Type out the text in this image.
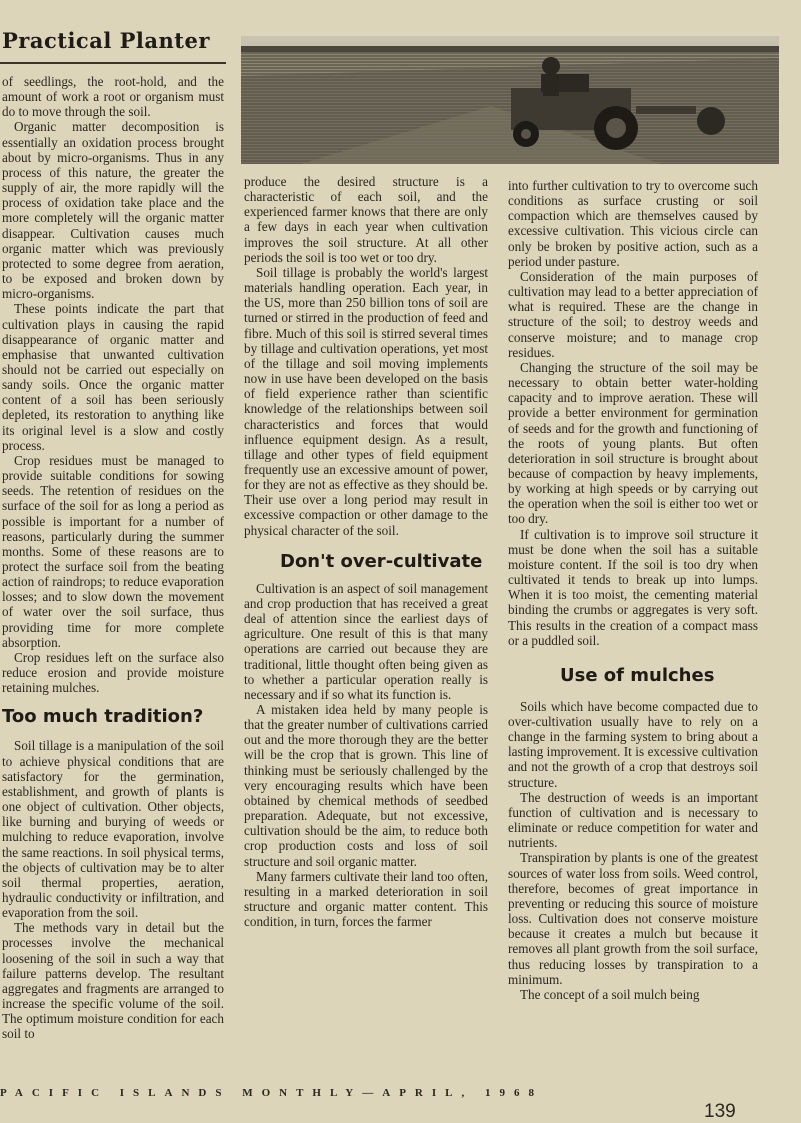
Practical Planter

of seedlings, the root-hold, and the amount of work a root or organism must do to move through the soil.

Organic matter decomposition is essentially an oxidation process brought about by micro-organisms. Thus in any process of this nature, the greater the supply of air, the more rapidly will the process of oxidation take place and the more completely will the organic matter disappear. Cultivation causes much organic matter which was previously protected to some degree from aeration, to be exposed and broken down by micro-organisms.

These points indicate the part that cultivation plays in causing the rapid disappearance of organic matter and emphasise that unwanted cultivation should not be carried out especially on sandy soils. Once the organic matter content of a soil has been seriously depleted, its restoration to anything like its original level is a slow and costly process.

Crop residues must be managed to provide suitable conditions for sowing seeds. The retention of residues on the surface of the soil for as long a period as possible is important for a number of reasons, particularly during the summer months. Some of these reasons are to protect the surface soil from the beating action of raindrops; to reduce evaporation losses; and to slow down the movement of water over the soil surface, thus providing time for more complete absorption.

Crop residues left on the surface also reduce erosion and provide moisture retaining mulches.

Too much tradition?

Soil tillage is a manipulation of the soil to achieve physical conditions that are satisfactory for the germination, establishment, and growth of plants is one object of cultivation. Other objects, like burning and burying of weeds or mulching to reduce evaporation, involve the same reactions. In soil physical terms, the objects of cultivation may be to alter soil thermal properties, aeration, hydraulic conductivity or infiltration, and evaporation from the soil.

The methods vary in detail but the processes involve the mechanical loosening of the soil in such a way that failure patterns develop. The resultant aggregates and fragments are arranged to increase the specific volume of the soil. The optimum moisture condition for each soil to

produce the desired structure is a characteristic of each soil, and the experienced farmer knows that there are only a few days in each year when cultivation improves the soil structure. At all other periods the soil is too wet or too dry.

Soil tillage is probably the world's largest materials handling operation. Each year, in the US, more than 250 billion tons of soil are turned or stirred in the production of feed and fibre. Much of this soil is stirred several times by tillage and cultivation operations, yet most of the tillage and soil moving implements now in use have been developed on the basis of field experience rather than scientific knowledge of the relationships between soil characteristics and forces that would influence equipment design. As a result, tillage and other types of field equipment frequently use an excessive amount of power, for they are not as effective as they should be. Their use over a long period may result in excessive compaction or other damage to the physical character of the soil.

Don't over-cultivate

Cultivation is an aspect of soil management and crop production that has received a great deal of attention since the earliest days of agriculture. One result of this is that many operations are carried out because they are traditional, little thought often being given as to whether a particular operation really is necessary and if so what its function is.

A mistaken idea held by many people is that the greater number of cultivations carried out and the more thorough they are the better will be the crop that is grown. This line of thinking must be seriously challenged by the very encouraging results which have been obtained by chemical methods of seedbed preparation. Adequate, but not excessive, cultivation should be the aim, to reduce both crop production costs and loss of soil structure and soil organic matter.

Many farmers cultivate their land too often, resulting in a marked deterioration in soil structure and organic matter content. This condition, in turn, forces the farmer

into further cultivation to try to overcome such conditions as surface crusting or soil compaction which are themselves caused by excessive cultivation. This vicious circle can only be broken by positive action, such as a period under pasture.

Consideration of the main purposes of cultivation may lead to a better appreciation of what is required. These are the change in structure of the soil; to destroy weeds and conserve moisture; and to manage crop residues.

Changing the structure of the soil may be necessary to obtain better water-holding capacity and to improve aeration. These will provide a better environment for germination of seeds and for the growth and functioning of the roots of young plants. But often deterioration in soil structure is brought about because of compaction by heavy implements, by working at high speeds or by carrying out the operation when the soil is either too wet or too dry.

If cultivation is to improve soil structure it must be done when the soil has a suitable moisture content. If the soil is too dry when cultivated it tends to break up into lumps. When it is too moist, the cementing material binding the crumbs or aggregates is very soft. This results in the creation of a compact mass or a puddled soil.

Use of mulches

Soils which have become compacted due to over-cultivation usually have to rely on a change in the farming system to bring about a lasting improvement. It is excessive cultivation and not the growth of a crop that destroys soil structure.

The destruction of weeds is an important function of cultivation and is necessary to eliminate or reduce competition for water and nutrients.

Transpiration by plants is one of the greatest sources of water loss from soils. Weed control, therefore, becomes of great importance in preventing or reducing this source of moisture loss. Cultivation does not conserve moisture because it creates a mulch but because it removes all plant growth from the soil surface, thus reducing losses by transpiration to a minimum.

The concept of a soil mulch being

PACIFIC ISLANDS MONTHLY—APRIL, 1968
139
